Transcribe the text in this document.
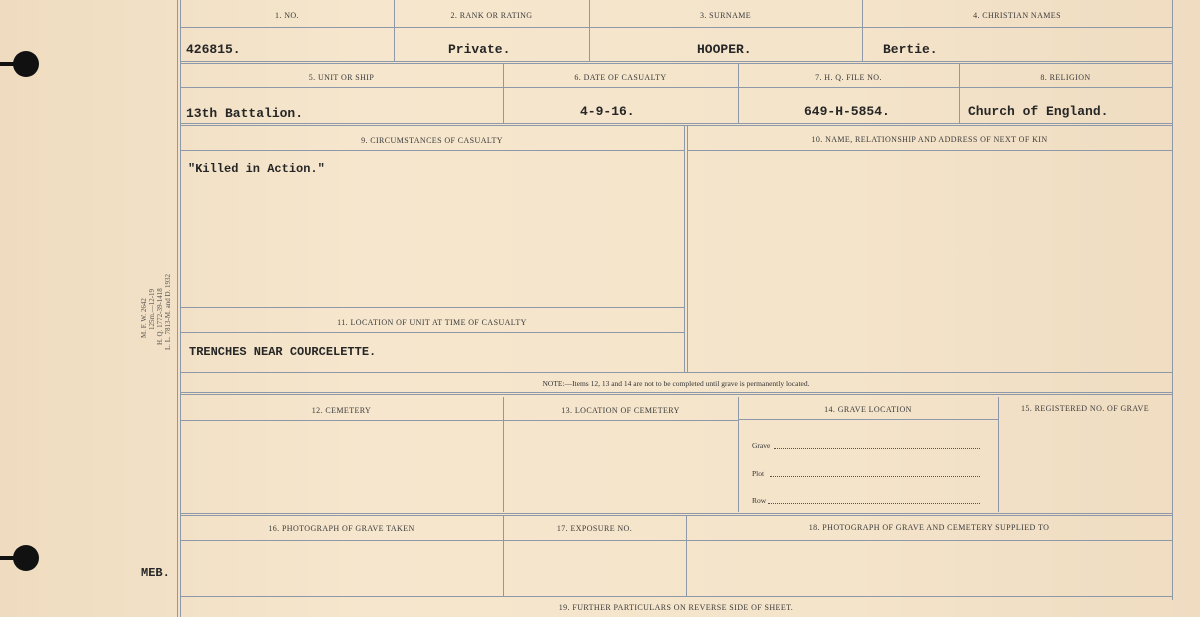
M. F. W. 2642 125m.—12-19 H. Q. 1772-39-1418 L. L. 7813-M. and D. 1932
MEB.
1. NO.	2. RANK OR RATING	3. SURNAME	4. CHRISTIAN NAMES
426815.	Private.	HOOPER.	Bertie.
5. UNIT OR SHIP	6. DATE OF CASUALTY	7. H. Q. FILE NO.	8. RELIGION
13th Battalion.	4-9-16.	649-H-5854.	Church of England.
9. CIRCUMSTANCES OF CASUALTY	10. NAME, RELATIONSHIP AND ADDRESS OF NEXT OF KIN
"Killed in Action."
11. LOCATION OF UNIT AT TIME OF CASUALTY
TRENCHES NEAR COURCELETTE.
NOTE:—Items 12, 13 and 14 are not to be completed until grave is permanently located.
12. CEMETERY	13. LOCATION OF CEMETERY	14. GRAVE LOCATION	15. REGISTERED NO. OF GRAVE
Grave
Plot
Row
16. PHOTOGRAPH OF GRAVE TAKEN	17. EXPOSURE NO.	18. PHOTOGRAPH OF GRAVE AND CEMETERY SUPPLIED TO
19. FURTHER PARTICULARS ON REVERSE SIDE OF SHEET.
